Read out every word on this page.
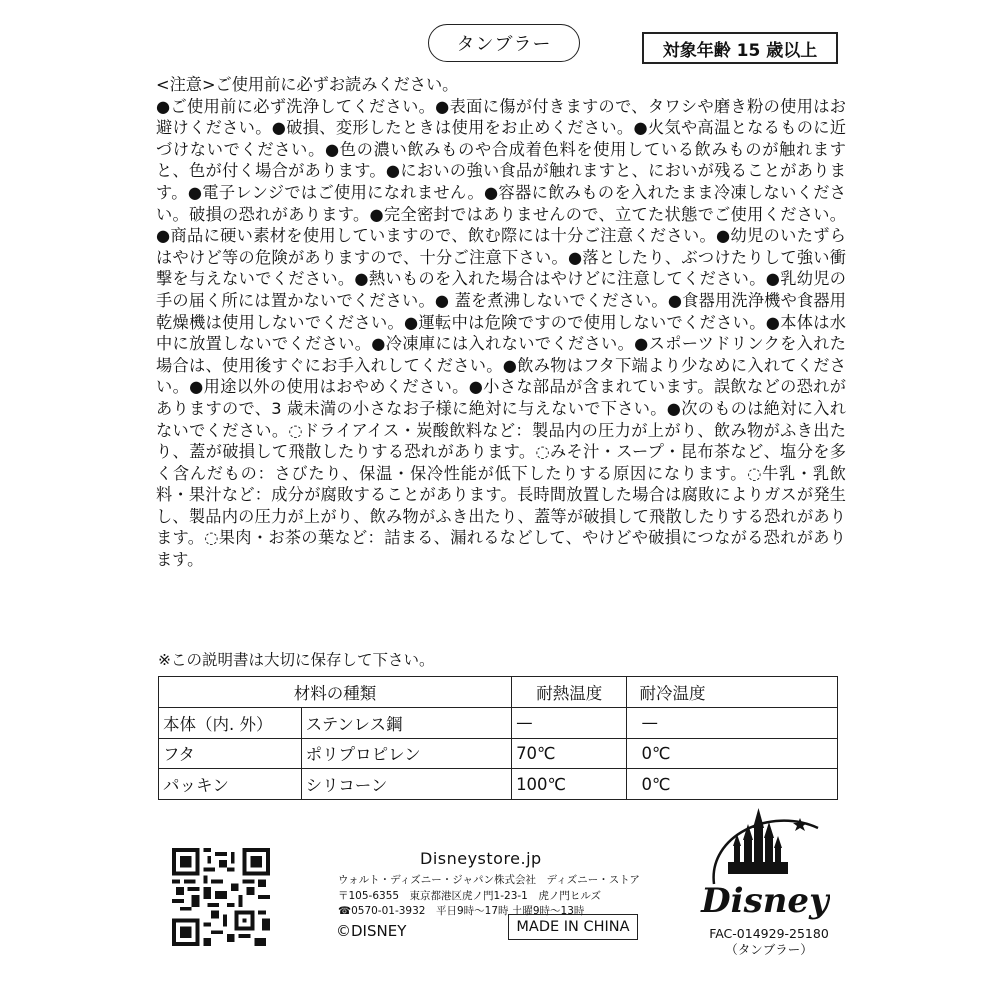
タンブラー	対象年齢 15 歳以上

<注意>ご使用前に必ずお読みください。

●ご使用前に必ず洗浄してください。●表面に傷が付きますので、タワシや磨き粉の使用はお避けください。●破損、変形したときは使用をお止めください。●火気や高温となるものに近づけないでください。●色の濃い飲みものや合成着色料を使用している飲みものが触れますと、色が付く場合があります。●においの強い食品が触れますと、においが残ることがあります。●電子レンジではご使用になれません。●容器に飲みものを入れたまま冷凍しないください。破損の恐れがあります。●完全密封ではありませんので、立てた状態でご使用ください。●商品に硬い素材を使用していますので、飲む際には十分ご注意ください。●幼児のいたずらはやけど等の危険がありますので、十分ご注意下さい。●落としたり、ぶつけたりして強い衝撃を与えないでください。●熱いものを入れた場合はやけどに注意してください。●乳幼児の手の届く所には置かないでください。● 蓋を煮沸しないでください。●食器用洗浄機や食器用乾燥機は使用しないでください。●運転中は危険ですので使用しないでください。●本体は水中に放置しないでください。●冷凍庫には入れないでください。●スポーツドリンクを入れた場合は、使用後すぐにお手入れしてください。●飲み物はフタ下端より少なめに入れてください。●用途以外の使用はおやめください。●小さな部品が含まれています。誤飲などの恐れがありますので、3 歳未満の小さなお子様に絶対に与えないで下さい。●次のものは絶対に入れないでください。◌ドライアイス・炭酸飲料など：製品内の圧力が上がり、飲み物がふき出たり、蓋が破損して飛散したりする恐れがあります。◌みそ汁・スープ・昆布茶など、塩分を多く含んだもの：さびたり、保温・保冷性能が低下したりする原因になります。◌牛乳・乳飲料・果汁など：成分が腐敗することがあります。長時間放置した場合は腐敗によりガスが発生し、製品内の圧力が上がり、飲み物がふき出たり、蓋等が破損して飛散したりする恐れがあります。◌果肉・お茶の葉など：詰まる、漏れるなどして、やけどや破損につながる恐れがあります。

※この説明書は大切に保存して下さい。
材料の種類		耐熱温度	耐冷温度
本体（内. 外）	ステンレス鋼	—	—
フタ	ポリプロピレン	70℃	0℃
パッキン	シリコーン	100℃	0℃
Disneystore.jp
ウォルト・ディズニー・ジャパン株式会社　ディズニー・ストア
〒105-6355　東京都港区虎ノ門1-23-1　虎ノ門ヒルズ
☎0570-01-3932　平日9時〜17時 土曜9時〜13時
©DISNEY	MADE IN CHINA
Disney
FAC-014929-25180
（タンブラー）
